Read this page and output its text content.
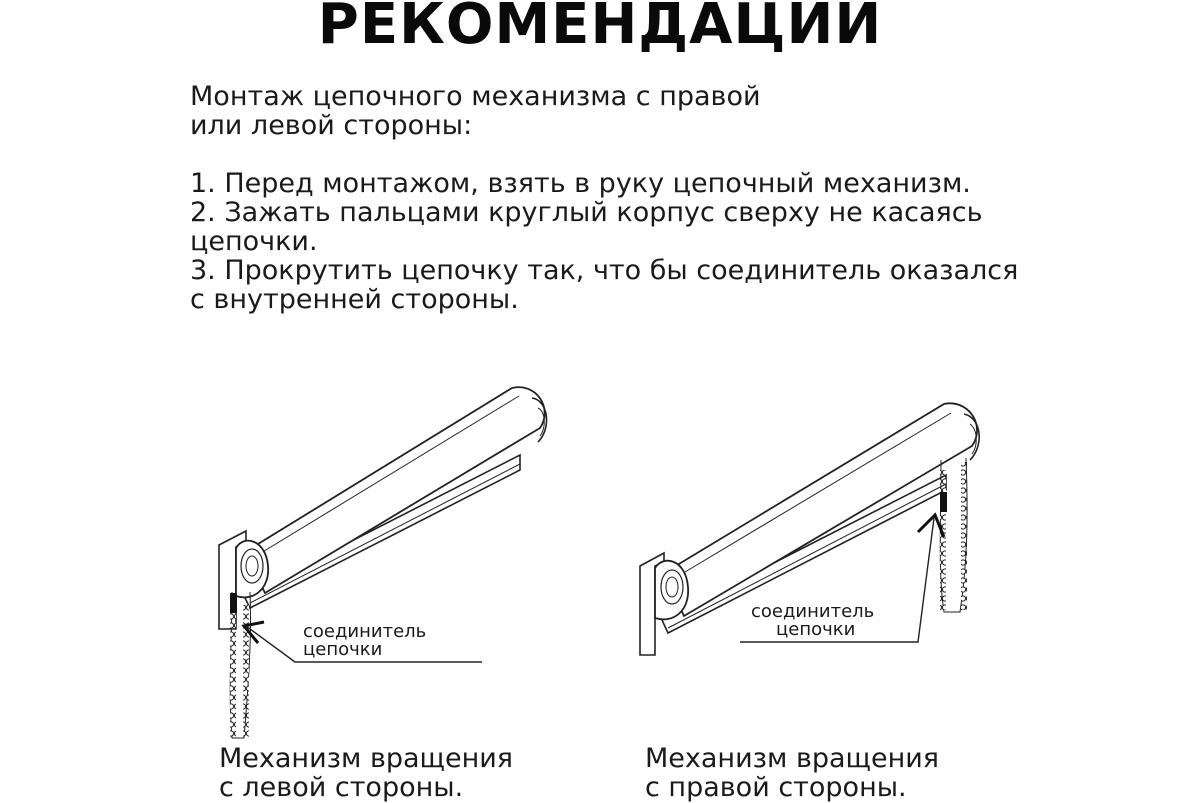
РЕКОМЕНДАЦИИ

Монтаж цепочного механизма с правой

или левой стороны:

1. Перед монтажом, взять в руку цепочный механизм.

2. Зажать пальцами круглый корпус сверху не касаясь

цепочки.

3. Прокрутить цепочку так, что бы соединитель оказался

с внутренней стороны.

соединитель
цепочки
соединитель
цепочки
Механизм вращения
с левой стороны.
Механизм вращения
с правой стороны.
